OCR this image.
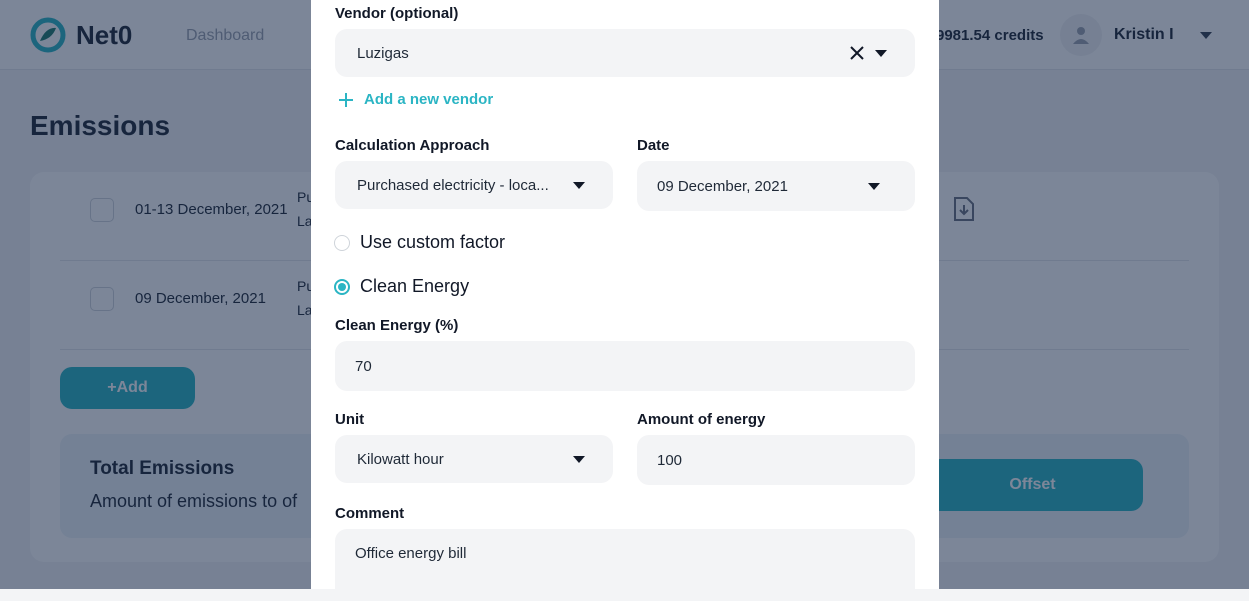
Vendor (optional)
Luzigas
Add a new vendor
Calculation Approach
Purchased electricity - loca...
Date
09 December, 2021
Use custom factor
Clean Energy
Clean Energy (%)
70
Unit
Kilowatt hour
Amount of energy
100
Comment
Office energy bill
